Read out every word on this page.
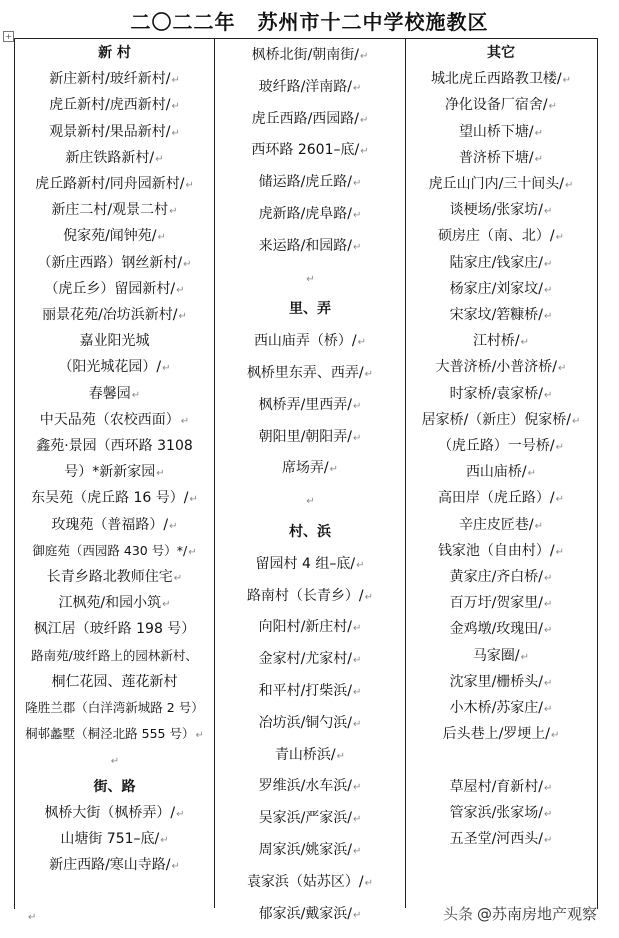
二〇二二年 苏州市十二中学校施教区
+
新 村
新庄新村/玻纤新村/↵
虎丘新村/虎西新村/↵
观景新村/果品新村/↵
新庄铁路新村/↵
虎丘路新村/同舟园新村/↵
新庄二村/观景二村↵
倪家苑/闻钟苑/↵
（新庄西路）钢丝新村/↵
（虎丘乡）留园新村/↵
丽景花苑/冶坊浜新村/↵
嘉业阳光城
（阳光城花园）/↵
春馨园↵
中天品苑（农校西面）↵
鑫苑·景园（西环路 3108
号）*新新家园↵
东吴苑（虎丘路 16 号）/↵
玫瑰苑（普福路）/↵
御庭苑（西园路 430 号）*/↵
长青乡路北教师住宅↵
江枫苑/和园小筑↵
枫江居（玻纤路 198 号）
路南苑/玻纤路上的园林新村、
桐仁花园、莲花新村
隆胜兰郡（白洋湾新城路 2 号）
桐邨蠡墅（桐泾北路 555 号）↵
↵
街、路
枫桥大街（枫桥弄）/↵
山塘街 751–底/↵
新庄西路/寒山寺路/↵
枫桥北街/朝南街/↵
玻纤路/洋南路/↵
虎丘西路/西园路/↵
西环路 2601–底/↵
储运路/虎丘路/↵
虎新路/虎阜路/↵
来运路/和园路/↵
↵
里、弄
西山庙弄（桥）/↵
枫桥里东弄、西弄/↵
枫桥弄/里西弄/↵
朝阳里/朝阳弄/↵
席场弄/↵
↵
村、浜
留园村 4 组–底/↵
路南村（长青乡）/↵
向阳村/新庄村/↵
金家村/尤家村/↵
和平村/打柴浜/↵
冶坊浜/铜勺浜/↵
青山桥浜/↵
罗维浜/水车浜/↵
吴家浜/严家浜/↵
周家浜/姚家浜/↵
袁家浜（姑苏区）/↵
郁家浜/戴家浜/↵
其它
城北虎丘西路教卫楼/↵
净化设备厂宿舍/↵
望山桥下塘/↵
普济桥下塘/↵
虎丘山门内/三十间头/↵
谈梗场/张家坊/↵
硕房庄（南、北）/↵
陆家庄/钱家庄/↵
杨家庄/刘家坟/↵
宋家坟/箬糠桥/↵
江村桥/↵
大普济桥/小普济桥/↵
时家桥/袁家桥/↵
居家桥/（新庄）倪家桥/↵
（虎丘路）一号桥/↵
西山庙桥/↵
高田岸（虎丘路）/↵
辛庄皮匠巷/↵
钱家池（自由村）/↵
黄家庄/齐白桥/↵
百万圩/贺家里/↵
金鸡墩/玫瑰田/↵
马家圈/↵
沈家里/栅桥头/↵
小木桥/苏家庄/↵
后头巷上/罗埂上/↵
草屋村/育新村/↵
管家浜/张家场/↵
五圣堂/河西头/↵
↵	头条 @苏南房地产观察
